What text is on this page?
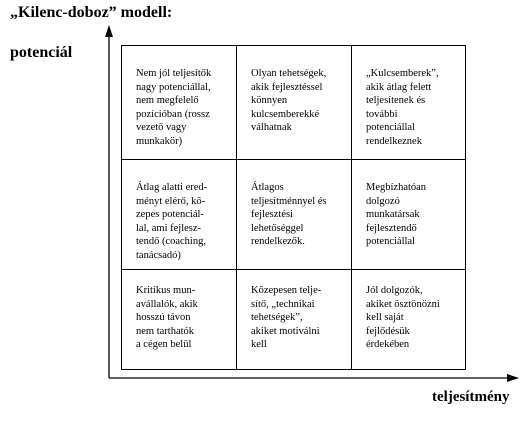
„Kilenc-doboz” modell:
potenciál
Nem jól teljesítők
nagy potenciállal,
nem megfelelő
pozícióban (rossz
vezető vagy
munkakör)
Olyan tehetségek,
akik fejlesztéssel
könnyen
kulcsemberekké
válhatnak
„Kulcsemberek”,
akik átlag felett
teljesítenek és
további
potenciállal
rendelkeznek
Átlag alatti ered-
ményt elérő, kö-
zepes potenciál-
lal, ami fejlesz-
tendő (coaching,
tanácsadó)
Átlagos
teljesítménnyel és
fejlesztési
lehetőséggel
rendelkezők.
Megbízhatóan
dolgozó
munkatársak
fejlesztendő
potenciállal
Kritikus mun-
avállalók, akik
hosszú távon
nem tarthatók
a cégen belül
Közepesen telje-
sítő, „technikai
tehetségek”,
akiket motiválni
kell
Jól dolgozók,
akiket ösztönözni
kell saját
fejlődésük
érdekében
teljesítmény
